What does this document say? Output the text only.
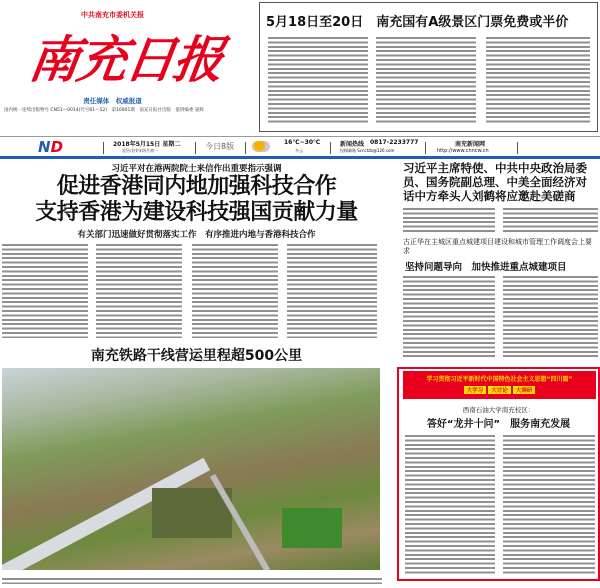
中共南充市委机关报
南充日报
责任媒体　权威报道
国内统一连续出版物号 CN51—0014(代号61—52)　第16901期　南充日报社出版　值班编委 晏辉
5月18日至20日　南充国有A级景区门票免费或半价
ND	2018年5月15日 星期二
农历戊戌年四月初一	今日8版	16℃~30℃
多云
新闻热线 0817-2233777
投稿邮箱 Scnctzb@126.com
南充新闻网
http://www.cnncw.cn
习近平对在港两院院士来信作出重要指示强调
促进香港同内地加强科技合作
支持香港为建设科技强国贡献力量
有关部门迅速做好贯彻落实工作　有序推进内地与香港科技合作
南充铁路干线营运里程超500公里
习近平主席特使、中共中央政治局委员、国务院副总理、中美全面经济对话中方牵头人刘鹤将应邀赴美磋商
古正华在主城区重点城建项目建设和城市管理工作调度会上要求
坚持问题导向　加快推进重点城建项目
学习贯彻习近平新时代中国特色社会主义思想“四川篇”
大学习 大讨论 大调研
西南石油大学南充校区：
答好“龙井十问”　服务南充发展
